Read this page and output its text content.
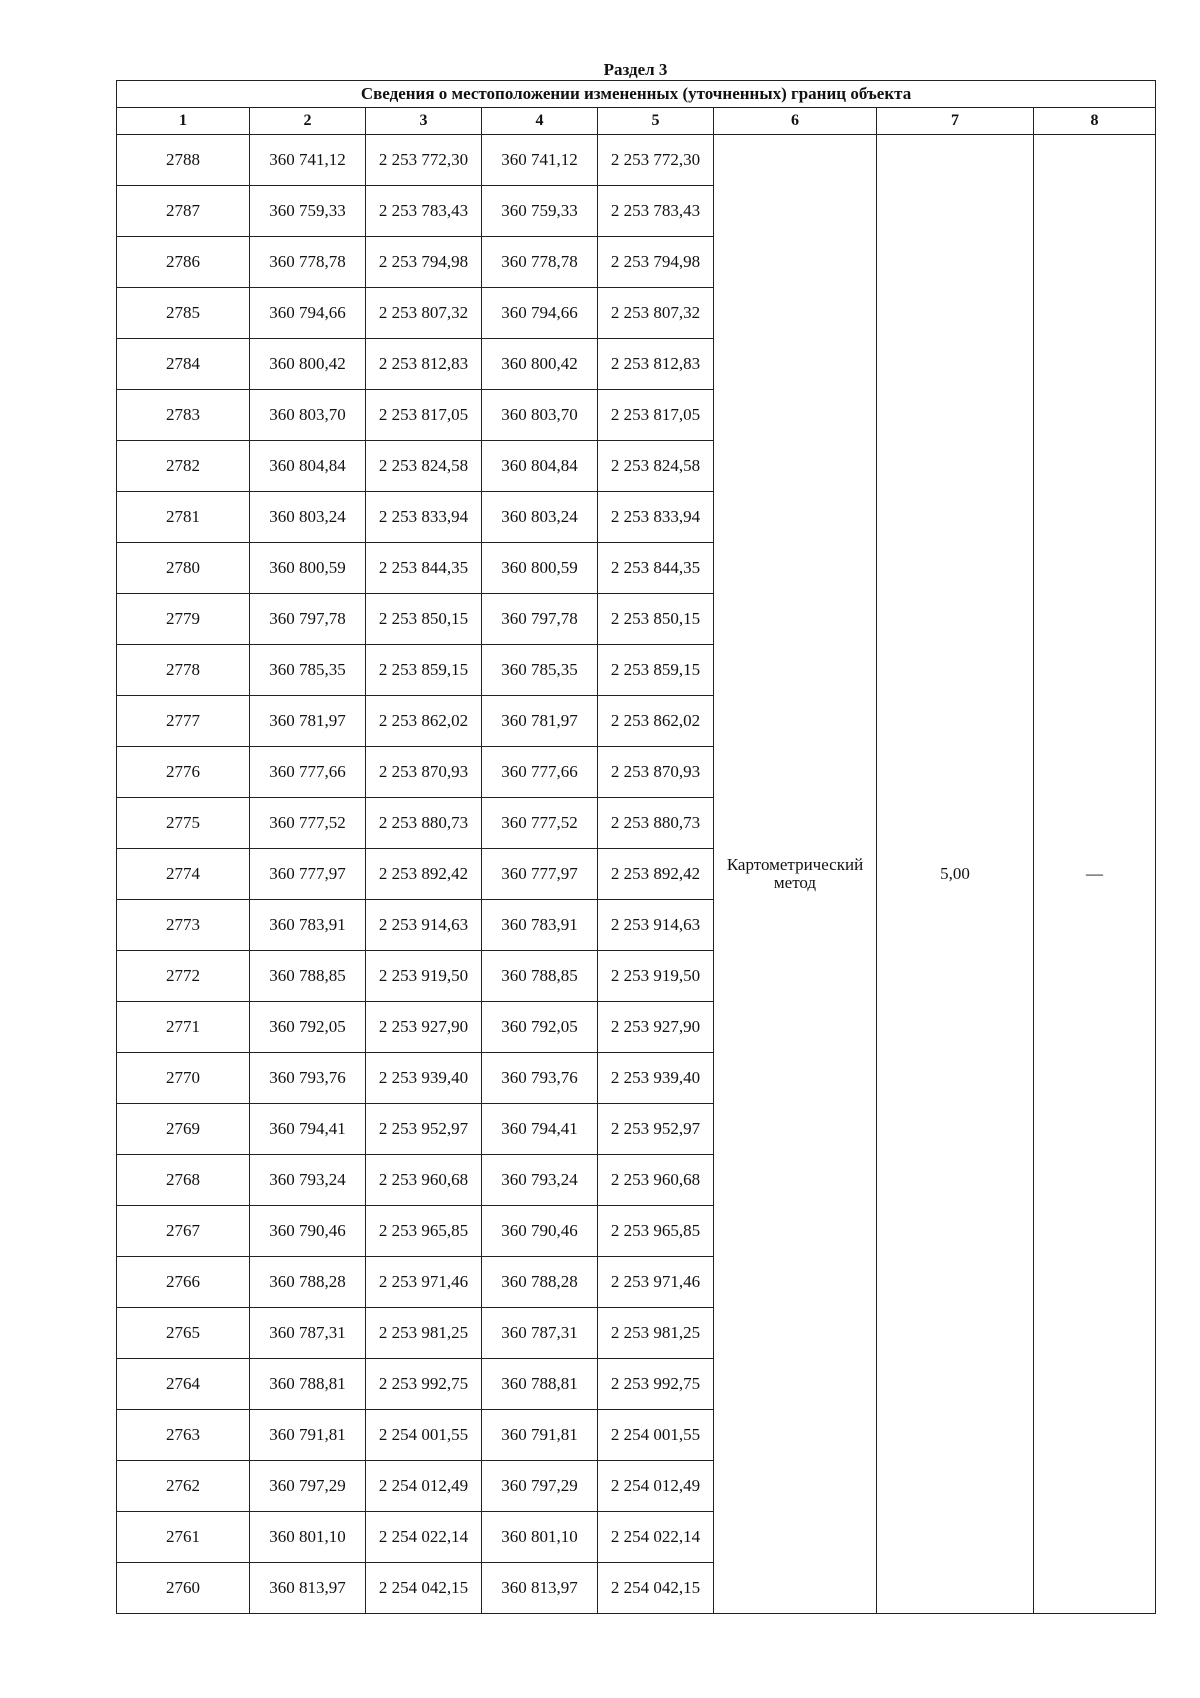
Раздел 3
Сведения о местоположении измененных (уточненных) границ объекта							
1	2	3	4	5	6	7	8
2788	360 741,12	2 253 772,30	360 741,12	2 253 772,30	Картометрический метод	5,00	—
2787	360 759,33	2 253 783,43	360 759,33	2 253 783,43			
2786	360 778,78	2 253 794,98	360 778,78	2 253 794,98			
2785	360 794,66	2 253 807,32	360 794,66	2 253 807,32			
2784	360 800,42	2 253 812,83	360 800,42	2 253 812,83			
2783	360 803,70	2 253 817,05	360 803,70	2 253 817,05			
2782	360 804,84	2 253 824,58	360 804,84	2 253 824,58			
2781	360 803,24	2 253 833,94	360 803,24	2 253 833,94			
2780	360 800,59	2 253 844,35	360 800,59	2 253 844,35			
2779	360 797,78	2 253 850,15	360 797,78	2 253 850,15			
2778	360 785,35	2 253 859,15	360 785,35	2 253 859,15			
2777	360 781,97	2 253 862,02	360 781,97	2 253 862,02			
2776	360 777,66	2 253 870,93	360 777,66	2 253 870,93			
2775	360 777,52	2 253 880,73	360 777,52	2 253 880,73			
2774	360 777,97	2 253 892,42	360 777,97	2 253 892,42			
2773	360 783,91	2 253 914,63	360 783,91	2 253 914,63			
2772	360 788,85	2 253 919,50	360 788,85	2 253 919,50			
2771	360 792,05	2 253 927,90	360 792,05	2 253 927,90			
2770	360 793,76	2 253 939,40	360 793,76	2 253 939,40			
2769	360 794,41	2 253 952,97	360 794,41	2 253 952,97			
2768	360 793,24	2 253 960,68	360 793,24	2 253 960,68			
2767	360 790,46	2 253 965,85	360 790,46	2 253 965,85			
2766	360 788,28	2 253 971,46	360 788,28	2 253 971,46			
2765	360 787,31	2 253 981,25	360 787,31	2 253 981,25			
2764	360 788,81	2 253 992,75	360 788,81	2 253 992,75			
2763	360 791,81	2 254 001,55	360 791,81	2 254 001,55			
2762	360 797,29	2 254 012,49	360 797,29	2 254 012,49			
2761	360 801,10	2 254 022,14	360 801,10	2 254 022,14			
2760	360 813,97	2 254 042,15	360 813,97	2 254 042,15			
